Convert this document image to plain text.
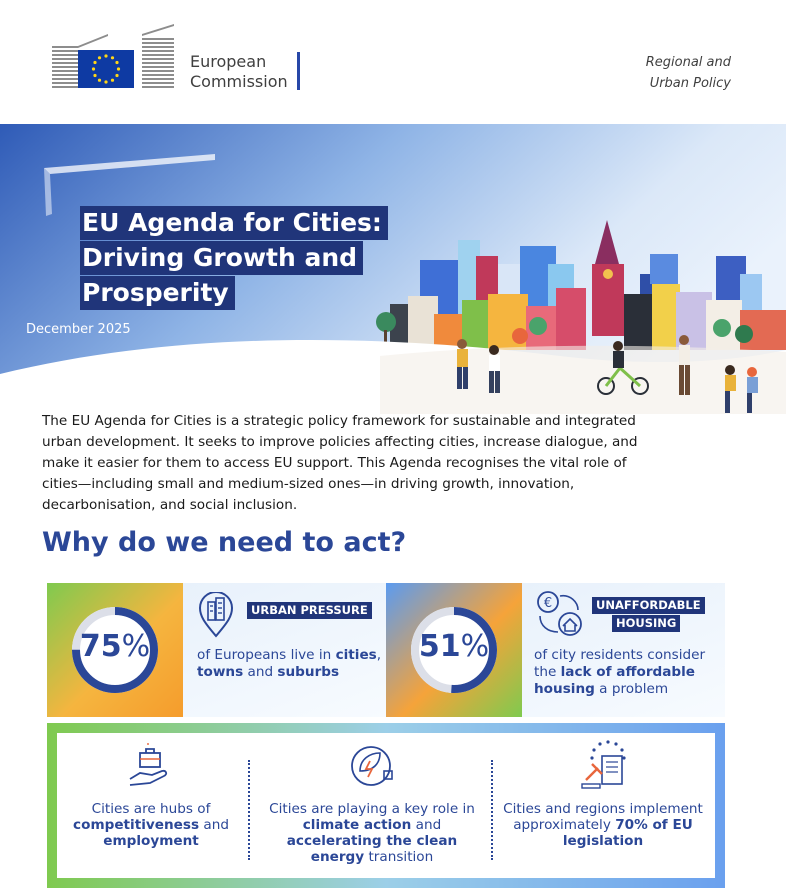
European
Commission
Regional and
Urban Policy
EU Agenda for Cities:
Driving Growth and
Prosperity
December 2025

The EU Agenda for Cities is a strategic policy framework for sustainable and integrated urban development. It seeks to improve policies affecting cities, increase dialogue, and make it easier for them to access EU support. This Agenda recognises the vital role of cities—including small and medium-sized ones—in driving growth, innovation, decarbonisation, and social inclusion.

Why do we need to act?
75%
URBAN PRESSURE
of Europeans live in cities, towns and suburbs
51%
€	UNAFFORDABLE
HOUSING
of city residents consider the lack of affordable housing a problem
Cities are hubs of competitiveness and
employment
Cities are playing a key role in climate action and accelerating the clean energy transition
Cities and regions implement approximately 70% of EU legislation
